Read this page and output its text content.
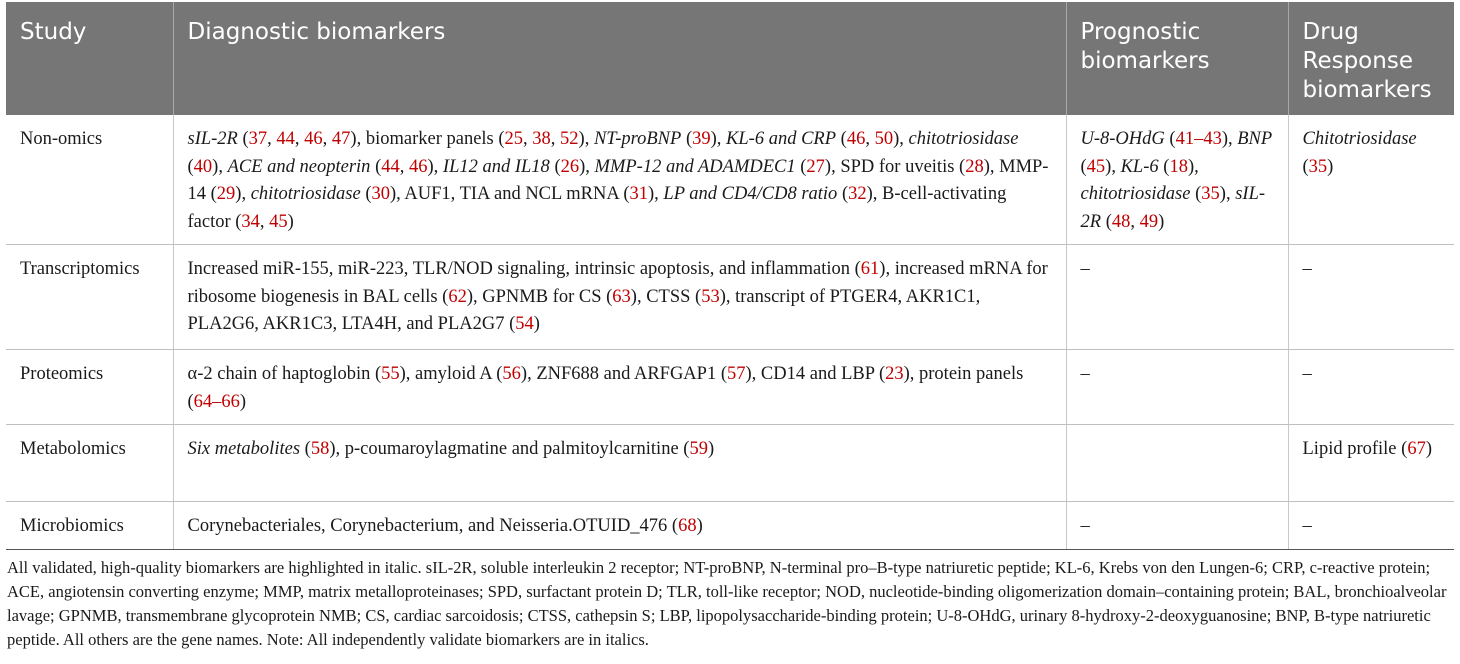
Study	Diagnostic biomarkers	Prognostic biomarkers	Drug Response biomarkers
Non-omics	sIL-2R (37, 44, 46, 47), biomarker panels (25, 38, 52), NT-proBNP (39), KL-6 and CRP (46, 50), chitotriosidase (40), ACE and neopterin (44, 46), IL12 and IL18 (26), MMP-12 and ADAMDEC1 (27), SPD for uveitis (28), MMP-14 (29), chitotriosidase (30), AUF1, TIA and NCL mRNA (31), LP and CD4/CD8 ratio (32), B-cell-activating factor (34, 45)	U-8-OHdG (41–43), BNP (45), KL-6 (18), chitotriosidase (35), sIL-2R (48, 49)	Chitotriosidase (35)
Transcriptomics	Increased miR-155, miR-223, TLR/NOD signaling, intrinsic apoptosis, and inflammation (61), increased mRNA for ribosome biogenesis in BAL cells (62), GPNMB for CS (63), CTSS (53), transcript of PTGER4, AKR1C1, PLA2G6, AKR1C3, LTA4H, and PLA2G7 (54)	–	–
Proteomics	α-2 chain of haptoglobin (55), amyloid A (56), ZNF688 and ARFGAP1 (57), CD14 and LBP (23), protein panels (64–66)	–	–
Metabolomics	Six metabolites (58), p-coumaroylagmatine and palmitoylcarnitine (59)		Lipid profile (67)
Microbiomics	Corynebacteriales, Corynebacterium, and Neisseria.OTUID_476 (68)	–	–
All validated, high-quality biomarkers are highlighted in italic. sIL-2R, soluble interleukin 2 receptor; NT-proBNP, N-terminal pro–B-type natriuretic peptide; KL-6, Krebs von den Lungen-6; CRP, c-reactive protein; ACE, angiotensin converting enzyme; MMP, matrix metalloproteinases; SPD, surfactant protein D; TLR, toll-like receptor; NOD, nucleotide-binding oligomerization domain–containing protein; BAL, bronchioalveolar lavage; GPNMB, transmembrane glycoprotein NMB; CS, cardiac sarcoidosis; CTSS, cathepsin S; LBP, lipopolysaccharide-binding protein; U-8-OHdG, urinary 8-hydroxy-2-deoxyguanosine; BNP, B-type natriuretic peptide. All others are the gene names. Note: All independently validate biomarkers are in italics.
